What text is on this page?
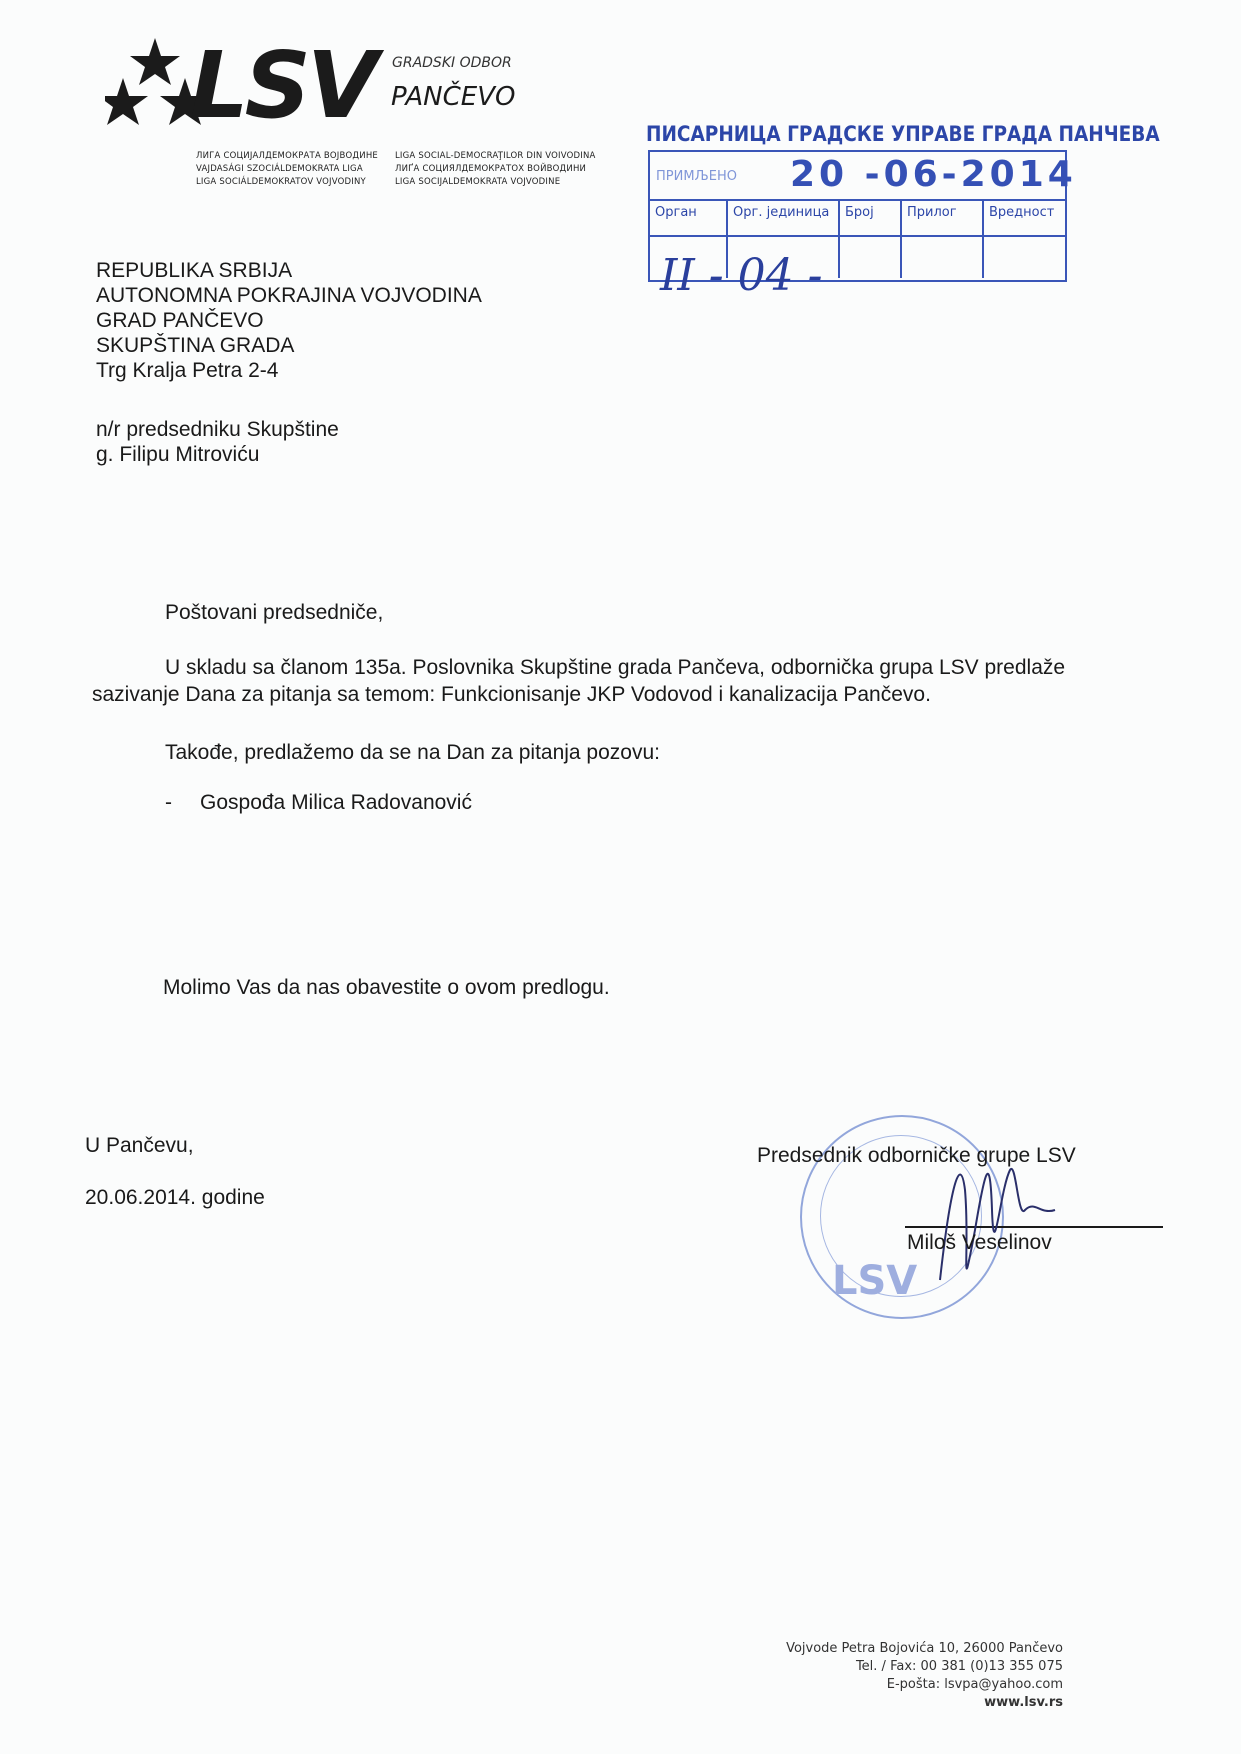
LSV GRADSKI ODBOR
PANČEVO
ЛИГА СОЦИЈАЛДЕМОКРАТА ВОЈВОДИНЕ
VAJDASÁGI SZOCIÁLDEMOKRATA LIGA
LIGA SOCIÁLDEMOKRATOV VOJVODINY
LIGA SOCIAL-DEMOCRAŢILOR DIN VOIVODINA
ЛИҐА СОЦИЯЛДЕМОКРАТОХ ВОЙВОДИНИ
LIGA SOCIJALDEMOKRATA VOJVODINE
ПИСАРНИЦА ГРАДСКЕ УПРАВЕ ГРАДА ПАНЧЕВА
ПРИМЉЕНО 20 -06-2014
Орган	Орг. јединица	Број	Прилог	Вредност
II - 04 -
REPUBLIKA SRBIJA
AUTONOMNA POKRAJINA VOJVODINA
GRAD PANČEVO
SKUPŠTINA GRADA
Trg Kralja Petra 2-4
n/r predsedniku Skupštine
g. Filipu Mitroviću
Poštovani predsedniče,
U skladu sa članom 135a. Poslovnika Skupštine grada Pančeva, odbornička grupa LSV predlaže
sazivanje Dana za pitanja sa temom: Funkcionisanje JKP Vodovod i kanalizacija Pančevo.
Takođe, predlažemo da se na Dan za pitanja pozovu:
- Gospođa Milica Radovanović
Molimo Vas da nas obavestite o ovom predlogu.
U Pančevu,
20.06.2014. godine
LSV
Predsednik odborničke grupe LSV
Miloš Veselinov
Vojvode Petra Bojovića 10, 26000 Pančevo
Tel. / Fax: 00 381 (0)13 355 075
E-pošta: lsvpa@yahoo.com
www.lsv.rs
